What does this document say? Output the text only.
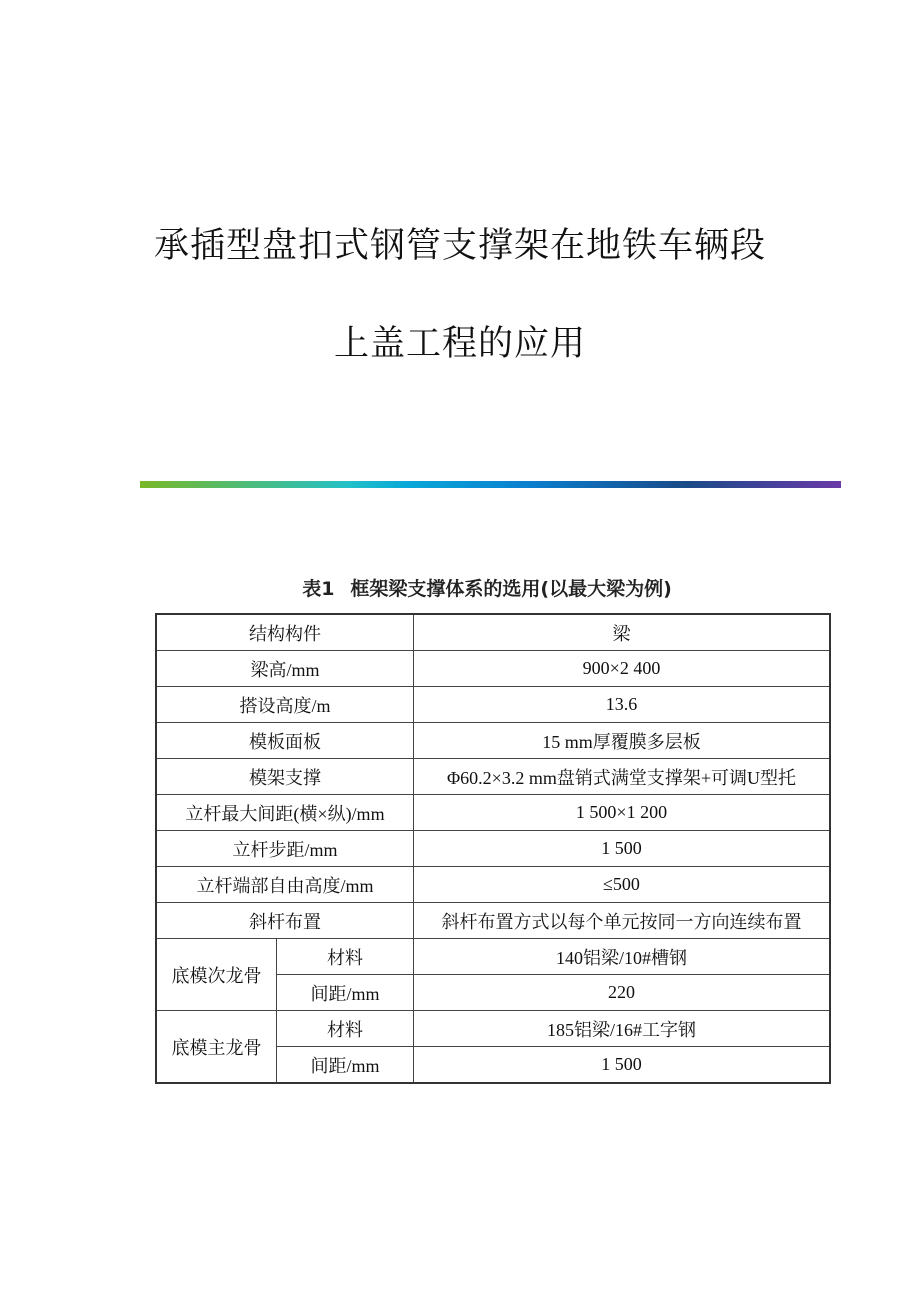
承插型盘扣式钢管支撑架在地铁车辆段
上盖工程的应用
表1 框架梁支撑体系的选用(以最大梁为例)
结构构件		梁
梁高/mm		900×2 400
搭设高度/m		13.6
模板面板		15 mm厚覆膜多层板
模架支撑		Φ60.2×3.2 mm盘销式满堂支撑架+可调U型托
立杆最大间距(横×纵)/mm		1 500×1 200
立杆步距/mm		1 500
立杆端部自由高度/mm		≤500
斜杆布置		斜杆布置方式以每个单元按同一方向连续布置
底模次龙骨	材料	140铝梁/10#槽钢
	间距/mm	220
底模主龙骨	材料	185铝梁/16#工字钢
	间距/mm	1 500
